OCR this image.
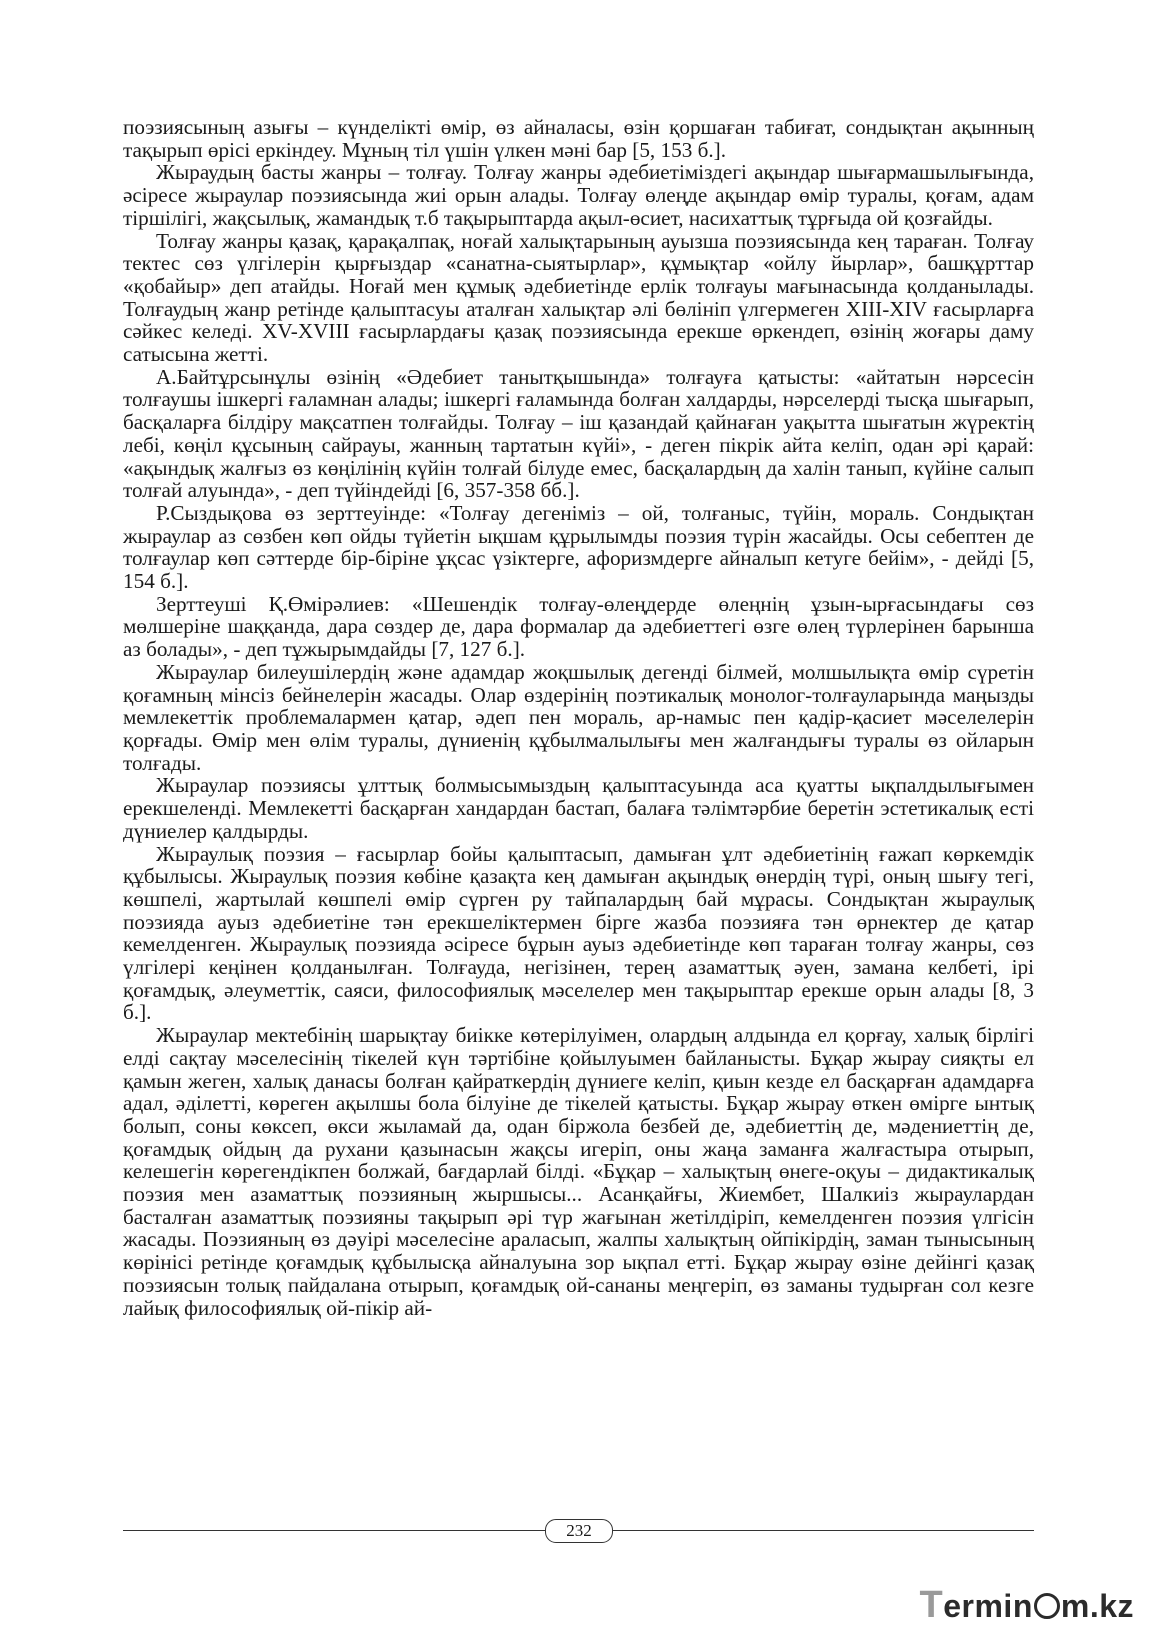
поэзиясының азығы – күнделікті өмір, өз айналасы, өзін қоршаған табиғат, сондықтан ақынның тақырып өрісі еркіндеу. Мұның тіл үшін үлкен мәні бар [5, 153 б.].

Жыраудың басты жанры – толғау. Толғау жанры әдебиетіміздегі ақындар шығармашылығында, әсіресе жыраулар поэзиясында жиі орын алады. Толғау өлеңде ақындар өмір туралы, қоғам, адам тіршілігі, жақсылық, жамандық т.б тақырыптарда ақыл-өсиет, насихаттық тұрғыда ой қозғайды.

Толғау жанры қазақ, қарақалпақ, ноғай халықтарының ауызша поэзиясында кең тараған. Толғау тектес сөз үлгілерін қырғыздар «санатна-сыятырлар», құмықтар «ойлу йырлар», башқұрттар «қобайыр» деп атайды. Ноғай мен құмық әдебиетінде ерлік толғауы мағынасында қолданылады. Толғаудың жанр ретінде қалыптасуы аталған халықтар әлі бөлініп үлгермеген XIII-XIV ғасырларға сәйкес келеді. XV-XVIII ғасырлардағы қазақ поэзиясында ерекше өркендеп, өзінің жоғары даму сатысына жетті.

А.Байтұрсынұлы өзінің «Әдебиет танытқышында» толғауға қатысты: «айтатын нәрсесін толғаушы ішкергі ғаламнан алады; ішкергі ғаламында болған халдарды, нәрселерді тысқа шығарып, басқаларға білдіру мақсатпен толғайды. Толғау – іш қазандай қайнаған уақытта шығатын жүректің лебі, көңіл құсының сайрауы, жанның тартатын күйі», - деген пікрік айта келіп, одан әрі қарай: «ақындық жалғыз өз көңілінің күйін толғай білуде емес, басқалардың да халін танып, күйіне салып толғай алуында», - деп түйіндейді [6, 357-358 бб.].

Р.Сыздықова өз зерттеуінде: «Толғау дегеніміз – ой, толғаныс, түйін, мораль. Сондықтан жыраулар аз сөзбен көп ойды түйетін ықшам құрылымды поэзия түрін жасайды. Осы себептен де толғаулар көп сәттерде бір-біріне ұқсас үзіктерге, афоризмдерге айналып кетуге бейім», - дейді [5, 154 б.].

Зерттеуші Қ.Өмірәлиев: «Шешендік толғау-өлеңдерде өлеңнің ұзын-ырғасындағы сөз мөлшеріне шаққанда, дара сөздер де, дара формалар да әдебиеттегі өзге өлең түрлерінен барынша аз болады», - деп тұжырымдайды [7, 127 б.].

Жыраулар билеушілердің және адамдар жоқшылық дегенді білмей, молшылықта өмір сүретін қоғамның мінсіз бейнелерін жасады. Олар өздерінің поэтикалық монолог-толғауларында маңызды мемлекеттік проблемалармен қатар, әдеп пен мораль, ар-намыс пен қадір-қасиет мәселелерін қорғады. Өмір мен өлім туралы, дүниенің құбылмалылығы мен жалғандығы туралы өз ойларын толғады.

Жыраулар поэзиясы ұлттық болмысымыздың қалыптасуында аса қуатты ықпалдылығымен ерекшеленді. Мемлекетті басқарған хандардан бастап, балаға тәлімтәрбие беретін эстетикалық есті дүниелер қалдырды.

Жыраулық поэзия – ғасырлар бойы қалыптасып, дамыған ұлт әдебиетінің ғажап көркемдік құбылысы. Жыраулық поэзия көбіне қазақта кең дамыған ақындық өнердің түрі, оның шығу тегі, көшпелі, жартылай көшпелі өмір сүрген ру тайпалардың бай мұрасы. Сондықтан жыраулық поэзияда ауыз әдебиетіне тән ерекшеліктермен бірге жазба поэзияға тән өрнектер де қатар кемелденген. Жыраулық поэзияда әсіресе бұрын ауыз әдебиетінде көп тараған толғау жанры, сөз үлгілері кеңінен қолданылған. Толғауда, негізінен, терең азаматтық әуен, замана келбеті, ірі қоғамдық, әлеуметтік, саяси, философиялық мәселелер мен тақырыптар ерекше орын алады [8, 3 б.].

Жыраулар мектебінің шарықтау биікке көтерілуімен, олардың алдында ел қорғау, халық бірлігі елді сақтау мәселесінің тікелей күн тәртібіне қойылуымен байланысты. Бұқар жырау сияқты ел қамын жеген, халық данасы болған қайраткердің дүниеге келіп, қиын кезде ел басқарған адамдарға адал, әділетті, көреген ақылшы бола білуіне де тікелей қатысты. Бұқар жырау өткен өмірге ынтық болып, соны көксеп, өкси жыламай да, одан біржола безбей де, әдебиеттің де, мәдениеттің де, қоғамдық ойдың да рухани қазынасын жақсы игеріп, оны жаңа заманға жалғастыра отырып, келешегін көрегендікпен болжай, бағдарлай білді. «Бұқар – халықтың өнеге-оқуы – дидактикалық поэзия мен азаматтық поэзияның жыршысы... Асанқайғы, Жиембет, Шалкиіз жыраулардан басталған азаматтық поэзияны тақырып әрі түр жағынан жетілдіріп, кемелденген поэзия үлгісін жасады. Поэзияның өз дәуірі мәселесіне араласып, жалпы халықтың ойпікірдің, заман тынысының көрінісі ретінде қоғамдық құбылысқа айналуына зор ықпал етті. Бұқар жырау өзіне дейінгі қазақ поэзиясын толық пайдалана отырып, қоғамдық ой-сананы меңгеріп, өз заманы тудырған сол кезге лайық философиялық ой-пікір ай-

232
Termin m.kz
